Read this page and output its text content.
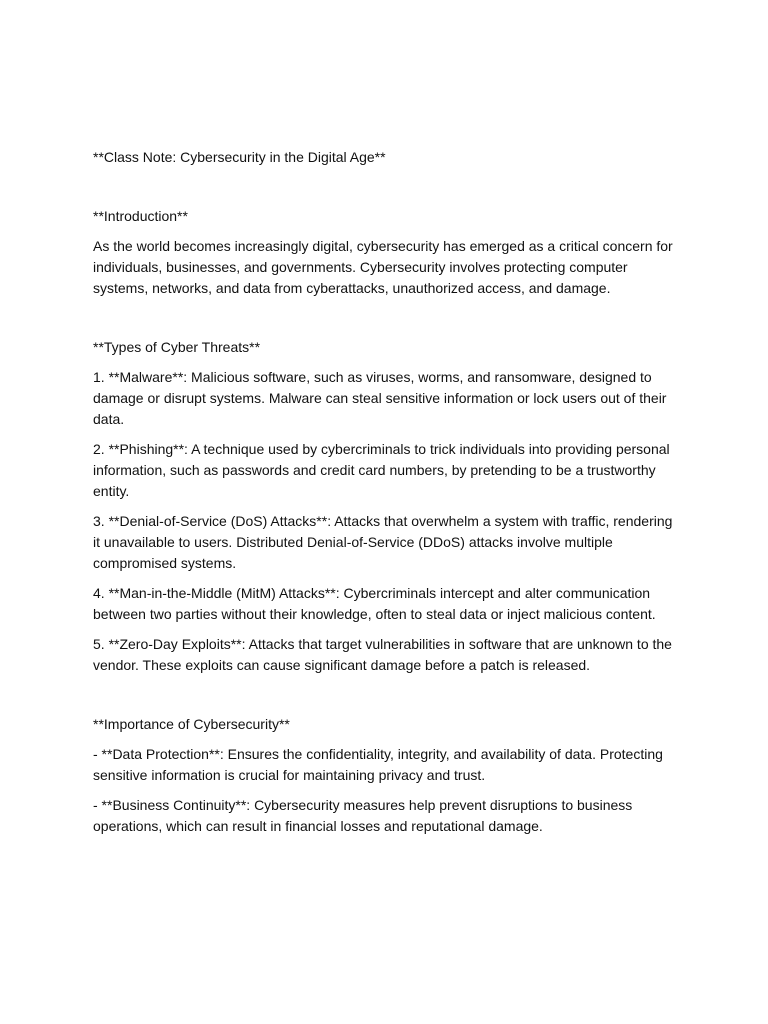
**Class Note: Cybersecurity in the Digital Age**

**Introduction**

As the world becomes increasingly digital, cybersecurity has emerged as a critical concern for individuals, businesses, and governments. Cybersecurity involves protecting computer systems, networks, and data from cyberattacks, unauthorized access, and damage.

**Types of Cyber Threats**

1. **Malware**: Malicious software, such as viruses, worms, and ransomware, designed to damage or disrupt systems. Malware can steal sensitive information or lock users out of their data.

2. **Phishing**: A technique used by cybercriminals to trick individuals into providing personal information, such as passwords and credit card numbers, by pretending to be a trustworthy entity.

3. **Denial-of-Service (DoS) Attacks**: Attacks that overwhelm a system with traffic, rendering it unavailable to users. Distributed Denial-of-Service (DDoS) attacks involve multiple compromised systems.

4. **Man-in-the-Middle (MitM) Attacks**: Cybercriminals intercept and alter communication between two parties without their knowledge, often to steal data or inject malicious content.

5. **Zero-Day Exploits**: Attacks that target vulnerabilities in software that are unknown to the vendor. These exploits can cause significant damage before a patch is released.

**Importance of Cybersecurity**

- **Data Protection**: Ensures the confidentiality, integrity, and availability of data. Protecting sensitive information is crucial for maintaining privacy and trust.

- **Business Continuity**: Cybersecurity measures help prevent disruptions to business operations, which can result in financial losses and reputational damage.
